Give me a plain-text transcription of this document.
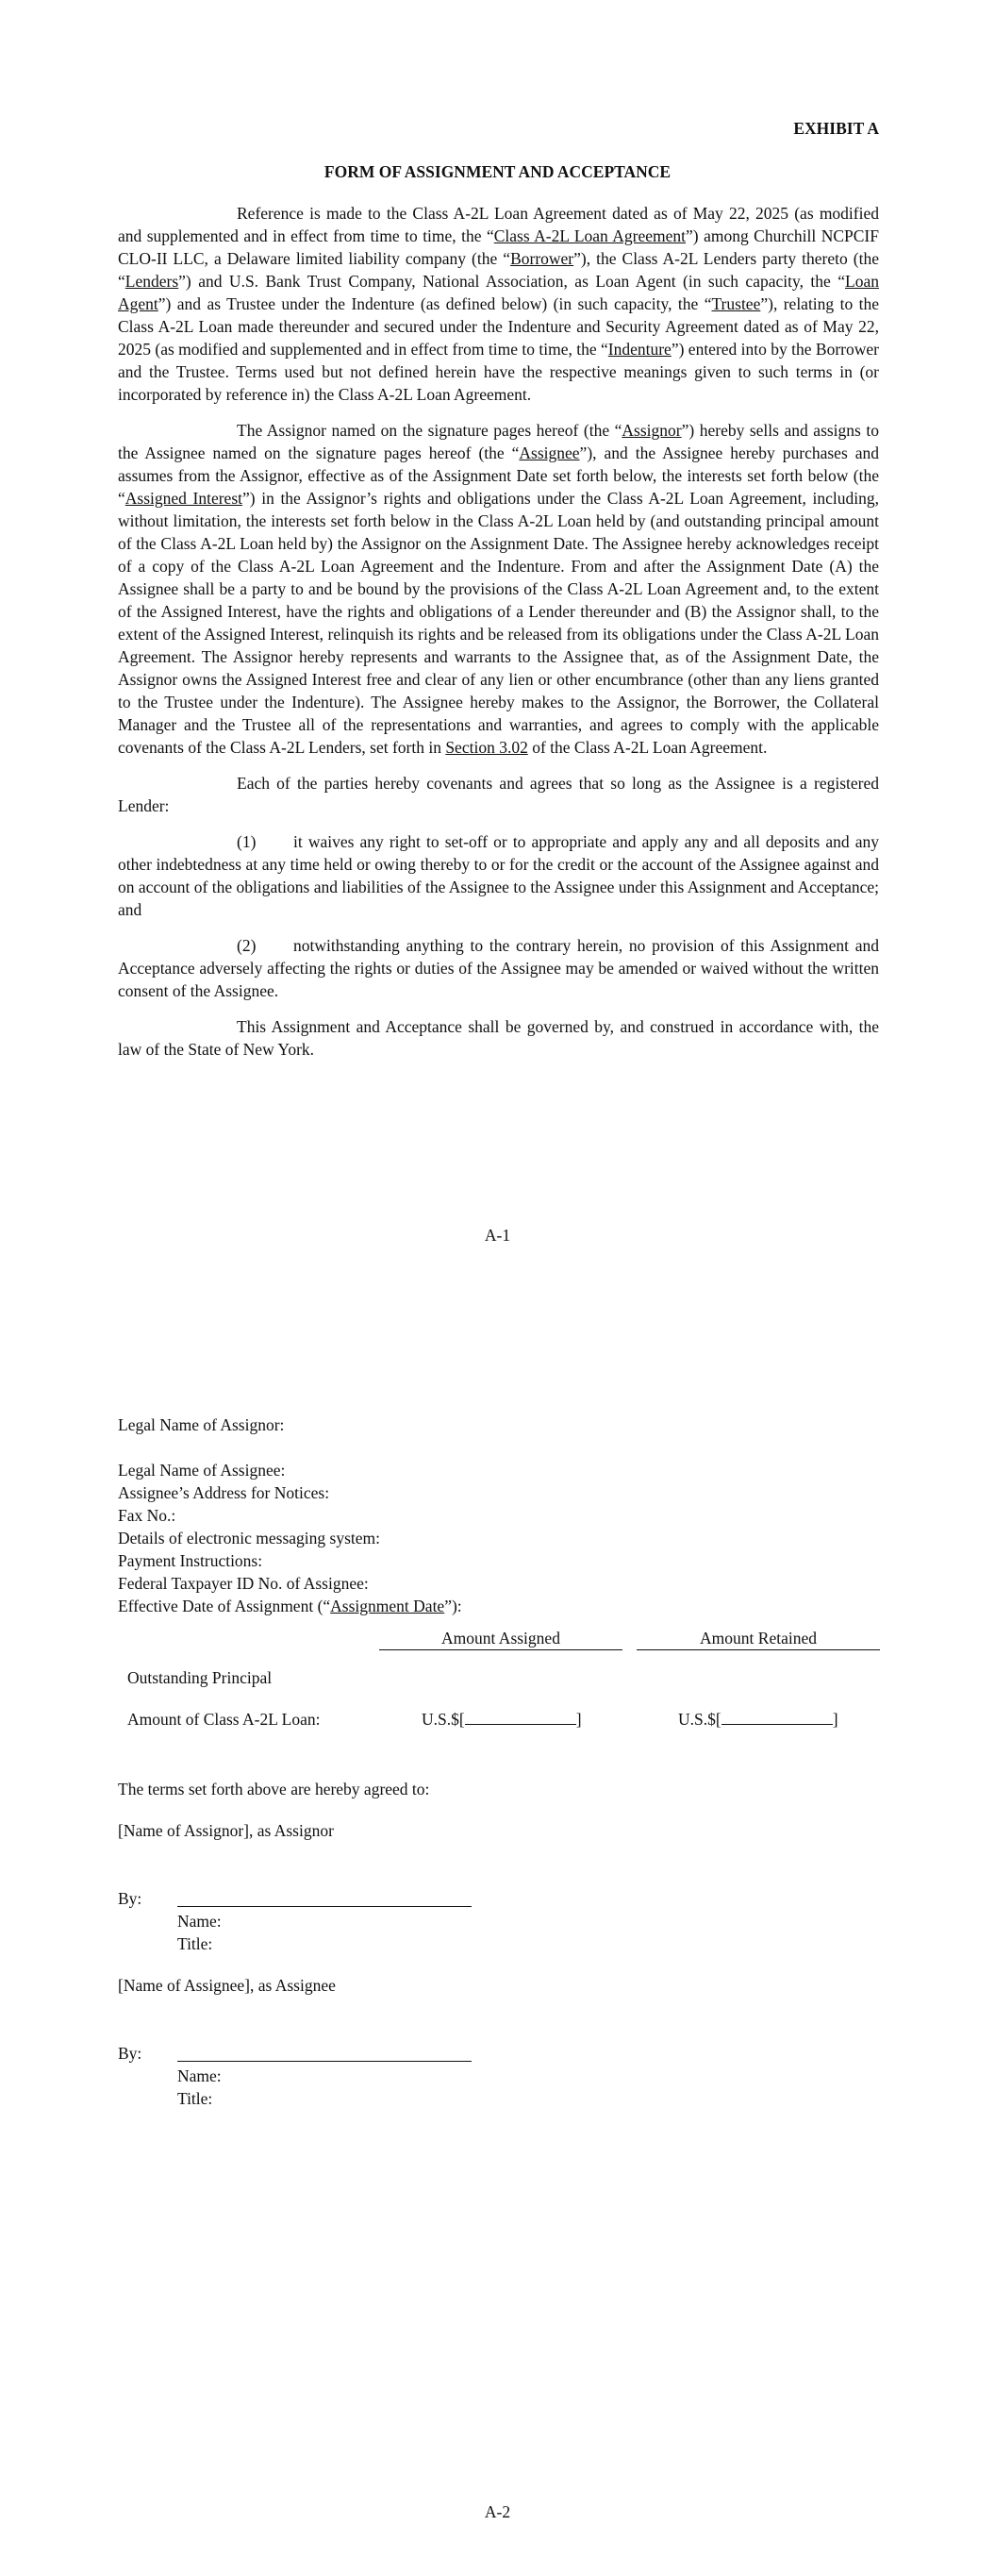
EXHIBIT A
FORM OF ASSIGNMENT AND ACCEPTANCE

Reference is made to the Class A-2L Loan Agreement dated as of May 22, 2025 (as modified and supplemented and in effect from time to time, the “Class A-2L Loan Agreement”) among Churchill NCPCIF CLO-II LLC, a Delaware limited liability company (the “Borrower”), the Class A-2L Lenders party thereto (the “Lenders”) and U.S. Bank Trust Company, National Association, as Loan Agent (in such capacity, the “Loan Agent”) and as Trustee under the Indenture (as defined below) (in such capacity, the “Trustee”), relating to the Class A-2L Loan made thereunder and secured under the Indenture and Security Agreement dated as of May 22, 2025 (as modified and supplemented and in effect from time to time, the “Indenture”) entered into by the Borrower and the Trustee. Terms used but not defined herein have the respective meanings given to such terms in (or incorporated by reference in) the Class A-2L Loan Agreement.

The Assignor named on the signature pages hereof (the “Assignor”) hereby sells and assigns to the Assignee named on the signature pages hereof (the “Assignee”), and the Assignee hereby purchases and assumes from the Assignor, effective as of the Assignment Date set forth below, the interests set forth below (the “Assigned Interest”) in the Assignor’s rights and obligations under the Class A-2L Loan Agreement, including, without limitation, the interests set forth below in the Class A-2L Loan held by (and outstanding principal amount of the Class A-2L Loan held by) the Assignor on the Assignment Date. The Assignee hereby acknowledges receipt of a copy of the Class A-2L Loan Agreement and the Indenture. From and after the Assignment Date (A) the Assignee shall be a party to and be bound by the provisions of the Class A-2L Loan Agreement and, to the extent of the Assigned Interest, have the rights and obligations of a Lender thereunder and (B) the Assignor shall, to the extent of the Assigned Interest, relinquish its rights and be released from its obligations under the Class A-2L Loan Agreement. The Assignor hereby represents and warrants to the Assignee that, as of the Assignment Date, the Assignor owns the Assigned Interest free and clear of any lien or other encumbrance (other than any liens granted to the Trustee under the Indenture). The Assignee hereby makes to the Assignor, the Borrower, the Collateral Manager and the Trustee all of the representations and warranties, and agrees to comply with the applicable covenants of the Class A-2L Lenders, set forth in Section 3.02 of the Class A-2L Loan Agreement.

Each of the parties hereby covenants and agrees that so long as the Assignee is a registered Lender:

(1) it waives any right to set-off or to appropriate and apply any and all deposits and any other indebtedness at any time held or owing thereby to or for the credit or the account of the Assignee against and on account of the obligations and liabilities of the Assignee to the Assignee under this Assignment and Acceptance; and

(2) notwithstanding anything to the contrary herein, no provision of this Assignment and Acceptance adversely affecting the rights or duties of the Assignee may be amended or waived without the written consent of the Assignee.

This Assignment and Acceptance shall be governed by, and construed in accordance with, the law of the State of New York.

A-1
Legal Name of Assignor:
Legal Name of Assignee:
Assignee’s Address for Notices:
Fax No.:
Details of electronic messaging system:
Payment Instructions:
Federal Taxpayer ID No. of Assignee:
Effective Date of Assignment (“Assignment Date”):
Amount Assigned	Amount Retained
Outstanding Principal
Amount of Class A-2L Loan:	U.S.$[	]	U.S.$[	]
The terms set forth above are hereby agreed to:
[Name of Assignor], as Assignor
By:
Name:
Title:
[Name of Assignee], as Assignee
By:
Name:
Title:
A-2
